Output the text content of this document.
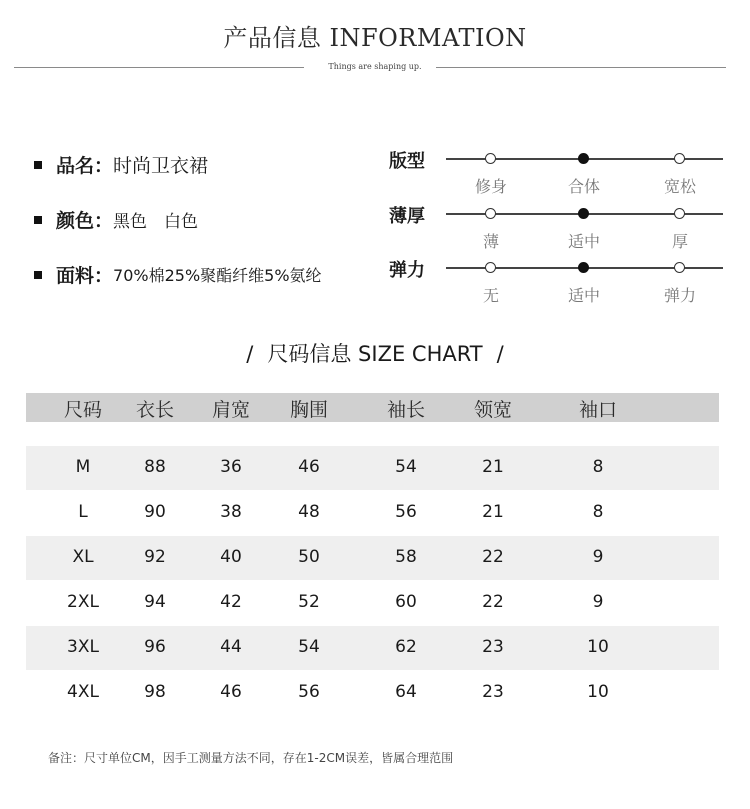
产品信息 INFORMATION
Things are shaping up.
品名： 时尚卫衣裙
颜色： 黑色　白色
面料： 70%棉25%聚酯纤维5%氨纶
版型
修身	合体	宽松
薄厚
薄	适中	厚
弹力
无	适中	弹力
/ 尺码信息 SIZE CHART /
尺码	衣长	肩宽	胸围	袖长	领宽	袖口
M	88	36	46	54	21	8
L	90	38	48	56	21	8
XL	92	40	50	58	22	9
2XL	94	42	52	60	22	9
3XL	96	44	54	62	23	10
4XL	98	46	56	64	23	10
备注：尺寸单位CM，因手工测量方法不同，存在1-2CM误差，皆属合理范围
